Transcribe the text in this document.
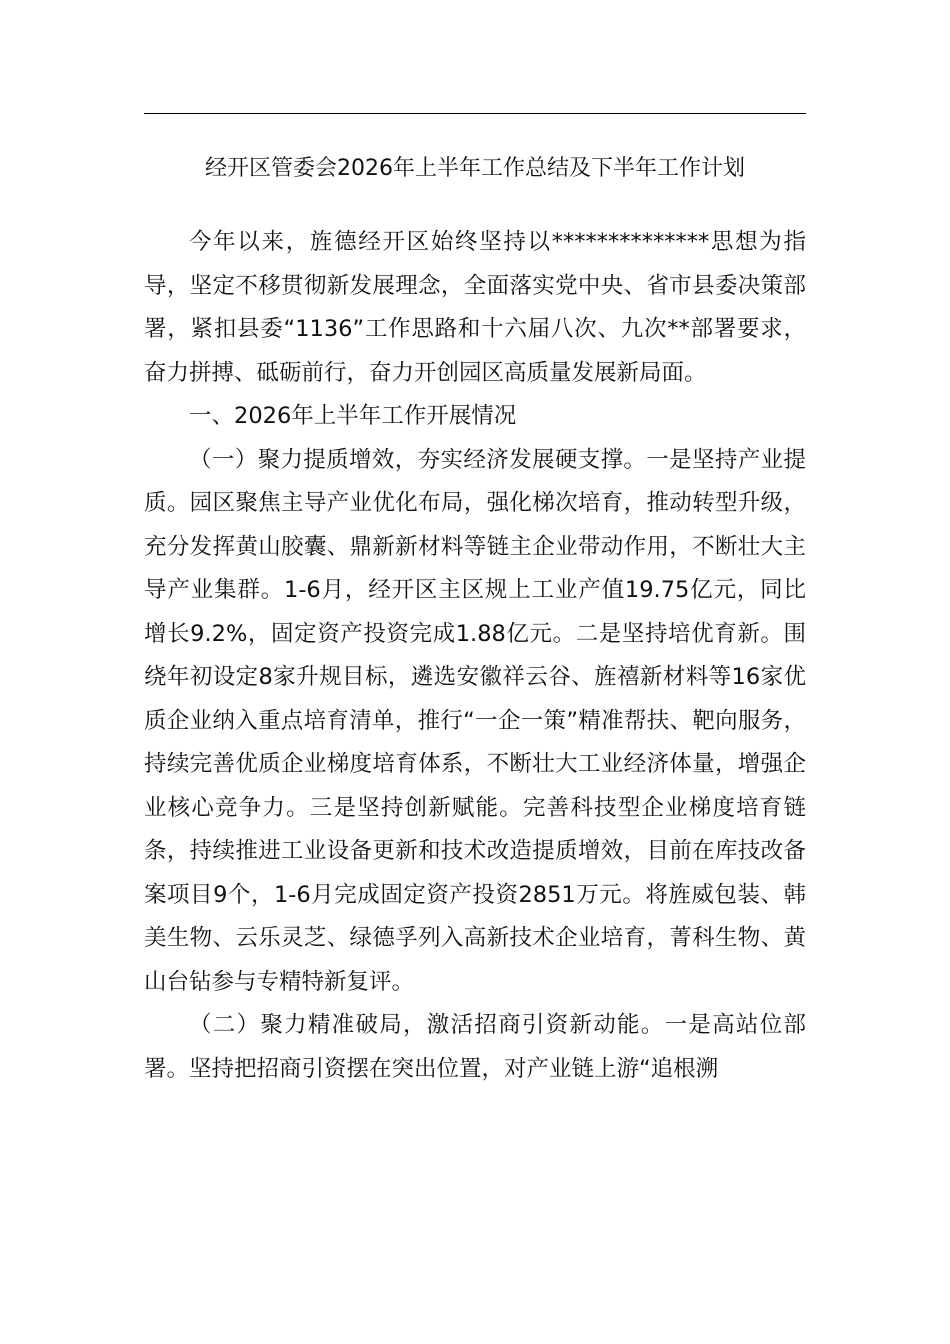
经开区管委会2026年上半年工作总结及下半年工作计划

今年以来，旌德经开区始终坚持以**************思想为指导，坚定不移贯彻新发展理念，全面落实党中央、省市县委决策部署，紧扣县委“1136”工作思路和十六届八次、九次**部署要求，奋力拼搏、砥砺前行，奋力开创园区高质量发展新局面。

一、2026年上半年工作开展情况

（一）聚力提质增效，夯实经济发展硬支撑。一是坚持产业提质。园区聚焦主导产业优化布局，强化梯次培育，推动转型升级，充分发挥黄山胶囊、鼎新新材料等链主企业带动作用，不断壮大主导产业集群。1-6月，经开区主区规上工业产值19.75亿元，同比增长9.2%，固定资产投资完成1.88亿元。二是坚持培优育新。围绕年初设定8家升规目标，遴选安徽祥云谷、旌禧新材料等16家优质企业纳入重点培育清单，推行“一企一策”精准帮扶、靶向服务，持续完善优质企业梯度培育体系，不断壮大工业经济体量，增强企业核心竞争力。三是坚持创新赋能。完善科技型企业梯度培育链条，持续推进工业设备更新和技术改造提质增效，目前在库技改备案项目9个，1-6月完成固定资产投资2851万元。将旌威包装、韩美生物、云乐灵芝、绿德孚列入高新技术企业培育，菁科生物、黄山台钻参与专精特新复评。

（二）聚力精准破局，激活招商引资新动能。一是高站位部署。坚持把招商引资摆在突出位置，对产业链上游“追根溯
